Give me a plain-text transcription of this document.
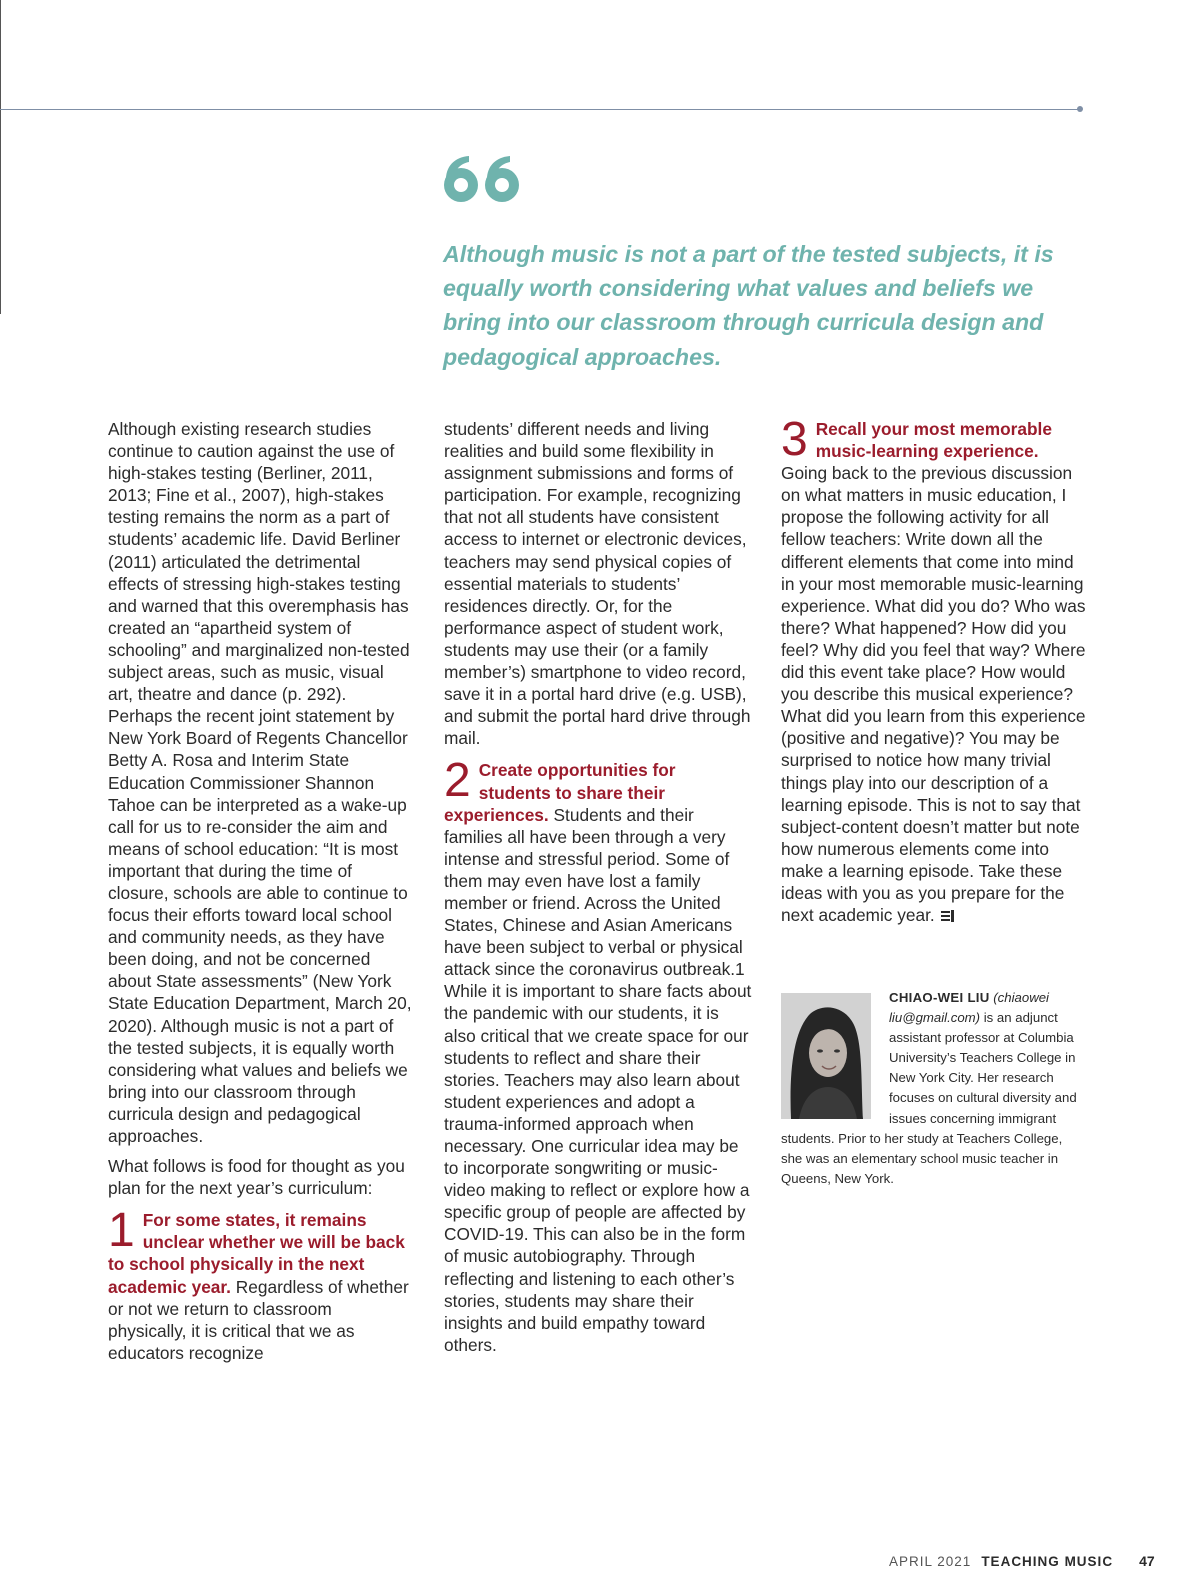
Although music is not a part of the tested subjects, it is equally worth considering what values and beliefs we bring into our classroom through curricula design and pedagogical approaches.

Although existing research studies continue to caution against the use of high-stakes testing (Berliner, 2011, 2013; Fine et al., 2007), high-stakes testing remains the norm as a part of students’ academic life. David Berliner (2011) articulated the detrimental effects of stressing high-stakes testing and warned that this overemphasis has created an “apartheid system of schooling” and marginalized non-tested subject areas, such as music, visual art, theatre and dance (p. 292). Perhaps the recent joint statement by New York Board of Regents Chancellor Betty A. Rosa and Interim State Education Commissioner Shannon Tahoe can be interpreted as a wake-up call for us to re-consider the aim and means of school education: “It is most important that during the time of closure, schools are able to continue to focus their efforts toward local school and community needs, as they have been doing, and not be concerned about State assessments” (New York State Education Department, March 20, 2020). Although music is not a part of the tested subjects, it is equally worth considering what values and beliefs we bring into our classroom through curricula design and pedagogical approaches.

What follows is food for thought as you plan for the next year’s curriculum:

1 For some states, it remains unclear whether we will be back to school physically in the next academic year. Regardless of whether or not we return to classroom physically, it is critical that we as educators recognize

students’ different needs and living realities and build some flexibility in assignment submissions and forms of participation. For example, recognizing that not all students have consistent access to internet or electronic devices, teachers may send physical copies of essential materials to students’ residences directly. Or, for the performance aspect of student work, students may use their (or a family member’s) smartphone to video record, save it in a portal hard drive (e.g. USB), and submit the portal hard drive through mail.

2 Create opportunities for students to share their experiences. Students and their families all have been through a very intense and stressful period. Some of them may even have lost a family member or friend. Across the United States, Chinese and Asian Americans have been subject to verbal or physical attack since the coronavirus outbreak.1 While it is important to share facts about the pandemic with our students, it is also critical that we create space for our students to reflect and share their stories. Teachers may also learn about student experiences and adopt a trauma-informed approach when necessary. One curricular idea may be to incorporate songwriting or music-video making to reflect or explore how a specific group of people are affected by COVID-19. This can also be in the form of music autobiography. Through reflecting and listening to each other’s stories, students may share their insights and build empathy toward others.

3 Recall your most memorable music-learning experience. Going back to the previous discussion on what matters in music education, I propose the following activity for all fellow teachers: Write down all the different elements that come into mind in your most memorable music-learning experience. What did you do? Who was there? What happened? How did you feel? Why did you feel that way? Where did this event take place? How would you describe this musical experience? What did you learn from this experience (positive and negative)? You may be surprised to notice how many trivial things play into our description of a learning episode. This is not to say that subject-content doesn’t matter but note how numerous elements come into make a learning episode. Take these ideas with you as you prepare for the next academic year.

CHIAO-WEI LIU (chiaowei liu@gmail.com) is an adjunct assistant professor at Columbia University’s Teachers College in New York City. Her research focuses on cultural diversity and issues concerning immigrant students. Prior to her study at Teachers College, she was an elementary school music teacher in Queens, New York.

APRIL 2021 TEACHING MUSIC 47
